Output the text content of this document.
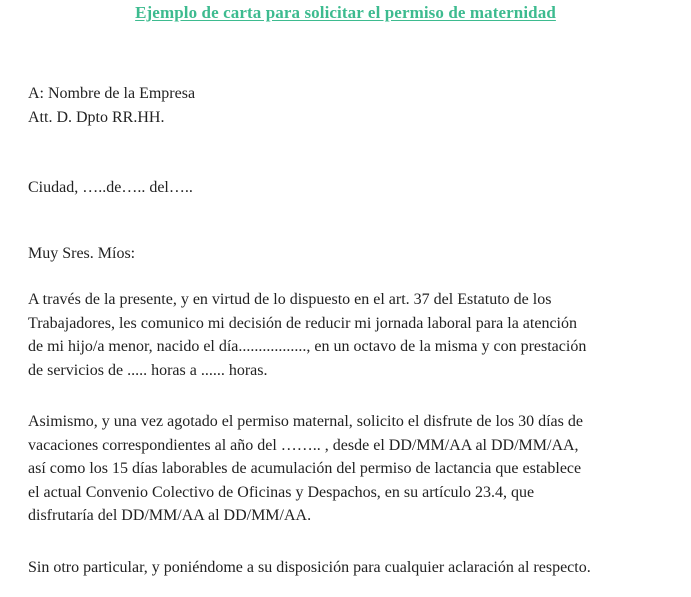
Ejemplo de carta para solicitar el permiso de maternidad

A: Nombre de la Empresa
Att. D. Dpto RR.HH.

Ciudad, …..de….. del…..

Muy Sres. Míos:

A través de la presente, y en virtud de lo dispuesto en el art. 37 del Estatuto de los
Trabajadores, les comunico mi decisión de reducir mi jornada laboral para la atención
de mi hijo/a menor, nacido el día................., en un octavo de la misma y con prestación
de servicios de ..... horas a ...... horas.

Asimismo, y una vez agotado el permiso maternal, solicito el disfrute de los 30 días de
vacaciones correspondientes al año del …….. , desde el DD/MM/AA al DD/MM/AA,
así como los 15 días laborables de acumulación del permiso de lactancia que establece
el actual Convenio Colectivo de Oficinas y Despachos, en su artículo 23.4, que
disfrutaría del DD/MM/AA al DD/MM/AA.

Sin otro particular, y poniéndome a su disposición para cualquier aclaración al respecto.
